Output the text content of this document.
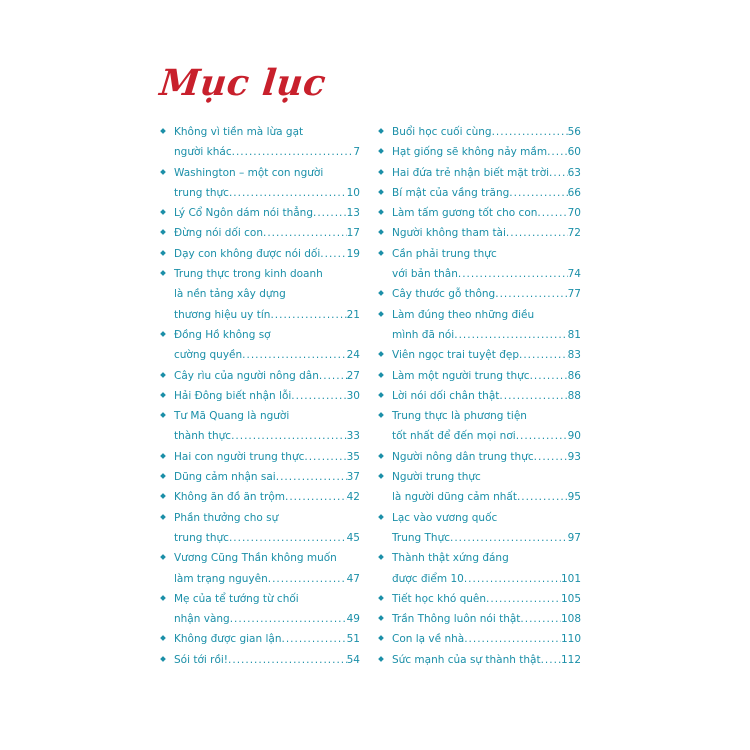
Mục lục
Không vì tiền mà lừa gạt
người khác .....	7
Washington – một con người
trung thực .....	10
Lý Cổ Ngôn dám nói thẳng .....	13
Đừng nói dối con .....	17
Dạy con không được nói dối .....	19
Trung thực trong kinh doanh
là nền tảng xây dựng
thương hiệu uy tín .....	21
Đồng Hồ không sợ
cường quyền .....	24
Cây rìu của người nông dân .....	27
Hải Đông biết nhận lỗi .....	30
Tư Mã Quang là người
thành thực .....	33
Hai con người trung thực .....	35
Dũng cảm nhận sai .....	37
Không ăn đồ ăn trộm .....	42
Phần thưởng cho sự
trung thực .....	45
Vương Cũng Thần không muốn
làm trạng nguyên .....	47
Mẹ của tể tướng từ chối
nhận vàng .....	49
Không được gian lận .....	51
Sói tới rồi! .....	54
Buổi học cuối cùng .....	56
Hạt giống sẽ không nảy mầm ..... 60
Hai đứa trẻ nhận biết mặt trời ..... 63
Bí mật của vầng trăng .....	66
Làm tấm gương tốt cho con .....	70
Người không tham tài .....	72
Cần phải trung thực
với bản thân .....	74
Cây thước gỗ thông .....	77
Làm đúng theo những điều
mình đã nói .....	81
Viên ngọc trai tuyệt đẹp .....	83
Làm một người trung thực .....	86
Lời nói dối chân thật .....	88
Trung thực là phương tiện
tốt nhất để đến mọi nơi .....	90
Người nông dân trung thực .....	93
Người trung thực
là người dũng cảm nhất .....	95
Lạc vào vương quốc
Trung Thực .....	97
Thành thật xứng đáng
được điểm 10 .....	101
Tiết học khó quên .....	105
Trần Thông luôn nói thật .....	108
Con lạ về nhà .....	110
Sức mạnh của sự thành thật ..... 112
